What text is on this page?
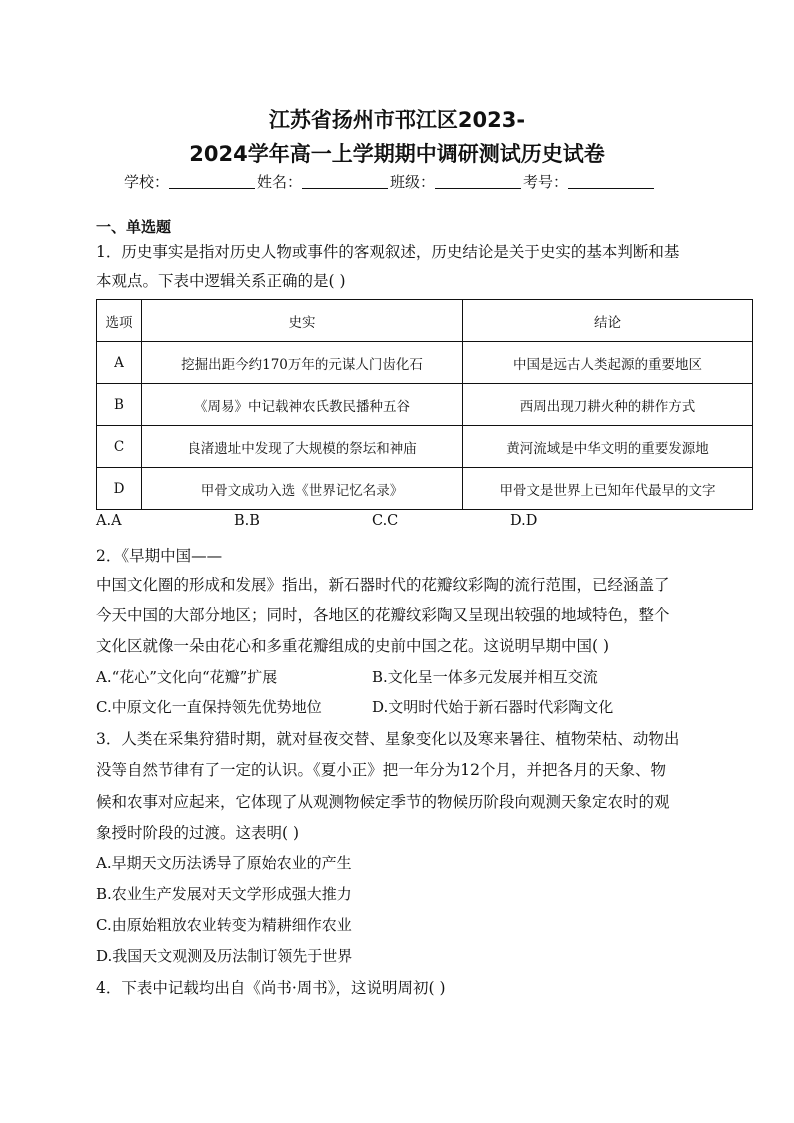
江苏省扬州市邗江区2023-
2024学年高一上学期期中调研测试历史试卷
学校：	姓名：	班级：	考号：
一、单选题
1．历史事实是指对历史人物或事件的客观叙述，历史结论是关于史实的基本判断和基
本观点。下表中逻辑关系正确的是( )
选项	史实	结论
A	挖掘出距今约170万年的元谋人门齿化石	中国是远古人类起源的重要地区
B	《周易》中记载神农氏教民播种五谷	西周出现刀耕火种的耕作方式
C	良渚遗址中发现了大规模的祭坛和神庙	黄河流域是中华文明的重要发源地
D	甲骨文成功入选《世界记忆名录》	甲骨文是世界上已知年代最早的文字
A.A	B.B	C.C	D.D
2．《早期中国——
中国文化圈的形成和发展》指出，新石器时代的花瓣纹彩陶的流行范围，已经涵盖了
今天中国的大部分地区；同时，各地区的花瓣纹彩陶又呈现出较强的地域特色，整个
文化区就像一朵由花心和多重花瓣组成的史前中国之花。这说明早期中国( )
A.“花心”文化向“花瓣”扩展	B.文化呈一体多元发展并相互交流
C.中原文化一直保持领先优势地位	D.文明时代始于新石器时代彩陶文化
3．人类在采集狩猎时期，就对昼夜交替、星象变化以及寒来暑往、植物荣枯、动物出
没等自然节律有了一定的认识。《夏小正》把一年分为12个月，并把各月的天象、物
候和农事对应起来，它体现了从观测物候定季节的物候历阶段向观测天象定农时的观
象授时阶段的过渡。这表明( )
A.早期天文历法诱导了原始农业的产生
B.农业生产发展对天文学形成强大推力
C.由原始粗放农业转变为精耕细作农业
D.我国天文观测及历法制订领先于世界
4．下表中记载均出自《尚书·周书》，这说明周初( )
